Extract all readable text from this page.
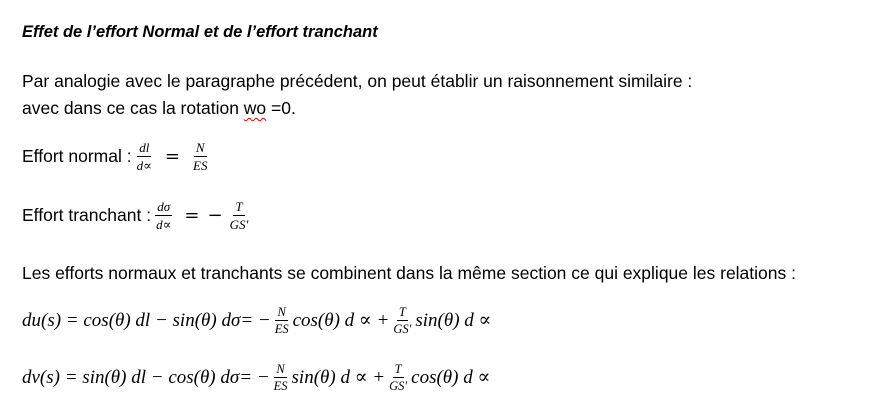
Effet de l’effort Normal et de l’effort tranchant
Par analogie avec le paragraphe précédent, on peut établir un raisonnement similaire :
avec dans ce cas la rotation wo =0.
Effort normal : $\frac{dl}{d\propto} = \frac{N}{ES}$
Effort tranchant : $\frac{d\sigma}{d\propto}$ = − $\frac{T}{GS'}$
Les efforts normaux et tranchants se combinent dans la même section ce qui explique les relations :
du(s) = cos(θ) dl − sin(θ) $d\sigma= - \frac{N}{ES} \cos(\theta) d$ ∝ + $\frac{T}{GS'} \sin(\theta) d$ ∝
dv(s) = sin(θ) dl − cos(θ) $d\sigma= - \frac{N}{ES} \sin(\theta) d$ ∝ + $\frac{T}{GS'} \cos(\theta) d$ ∝
